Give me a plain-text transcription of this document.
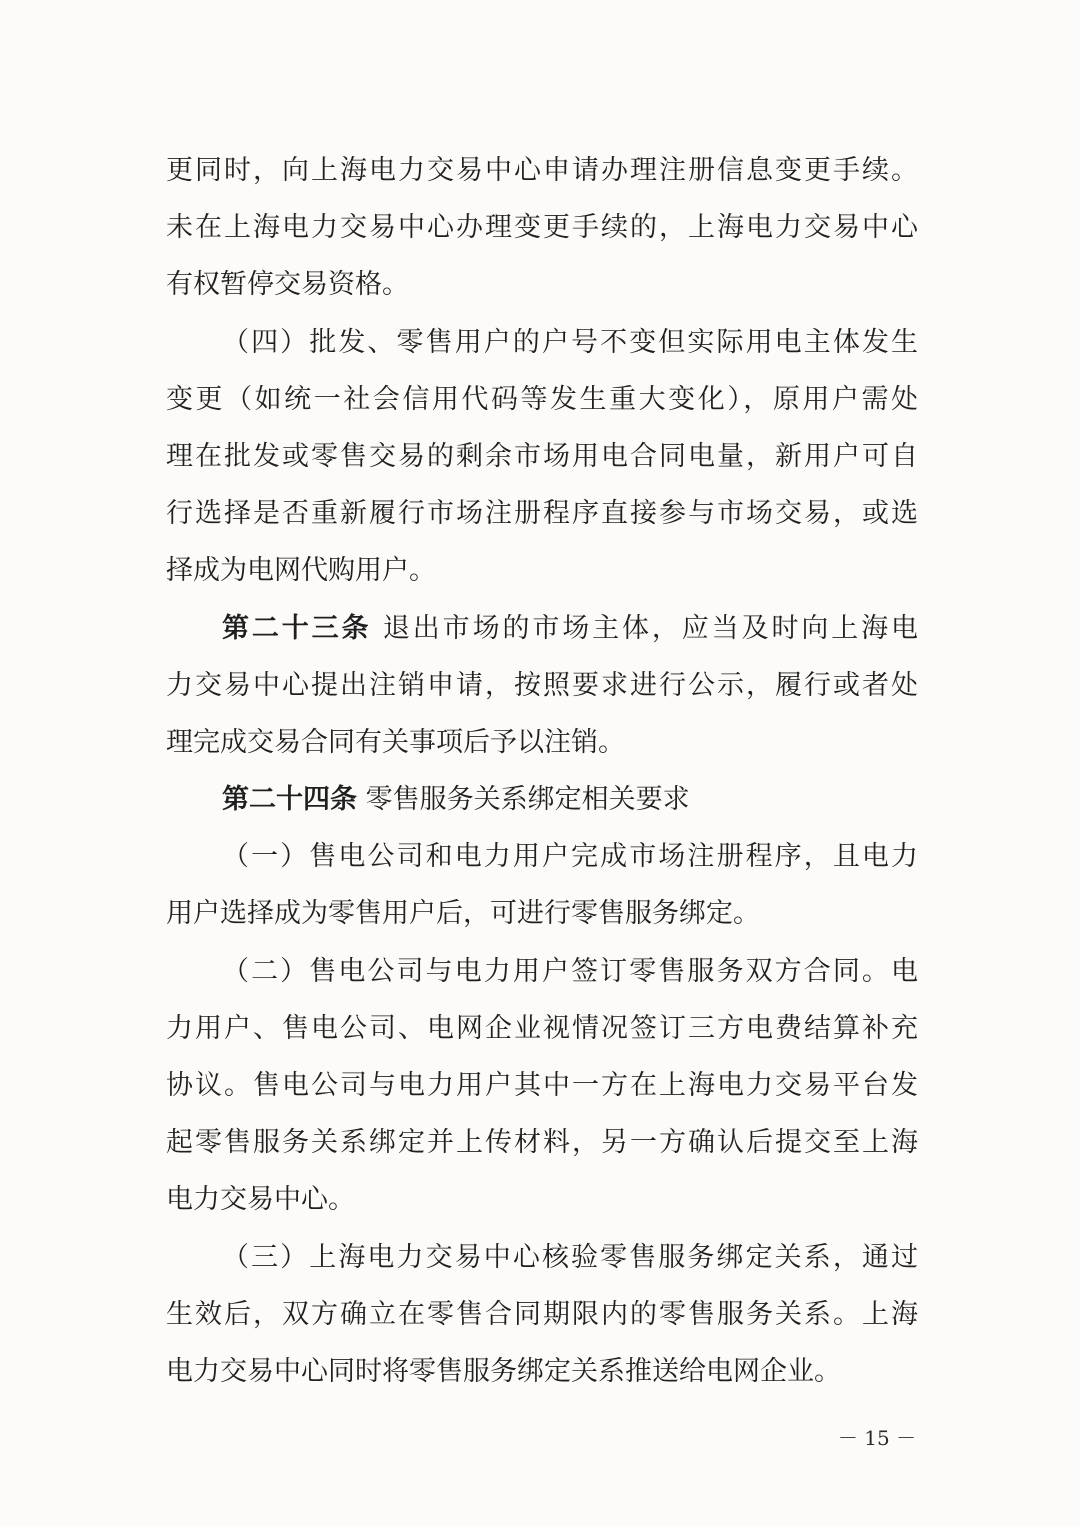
更同时，向上海电力交易中心申请办理注册信息变更手续。
未在上海电力交易中心办理变更手续的，上海电力交易中心
有权暂停交易资格。
（四）批发、零售用户的户号不变但实际用电主体发生
变更（如统一社会信用代码等发生重大变化），原用户需处
理在批发或零售交易的剩余市场用电合同电量，新用户可自
行选择是否重新履行市场注册程序直接参与市场交易，或选
择成为电网代购用户。
第二十三条 退出市场的市场主体，应当及时向上海电
力交易中心提出注销申请，按照要求进行公示，履行或者处
理完成交易合同有关事项后予以注销。
第二十四条 零售服务关系绑定相关要求
（一）售电公司和电力用户完成市场注册程序，且电力
用户选择成为零售用户后，可进行零售服务绑定。
（二）售电公司与电力用户签订零售服务双方合同。电
力用户、售电公司、电网企业视情况签订三方电费结算补充
协议。售电公司与电力用户其中一方在上海电力交易平台发
起零售服务关系绑定并上传材料，另一方确认后提交至上海
电力交易中心。
（三）上海电力交易中心核验零售服务绑定关系，通过
生效后，双方确立在零售合同期限内的零售服务关系。上海
电力交易中心同时将零售服务绑定关系推送给电网企业。
－ 15 －
